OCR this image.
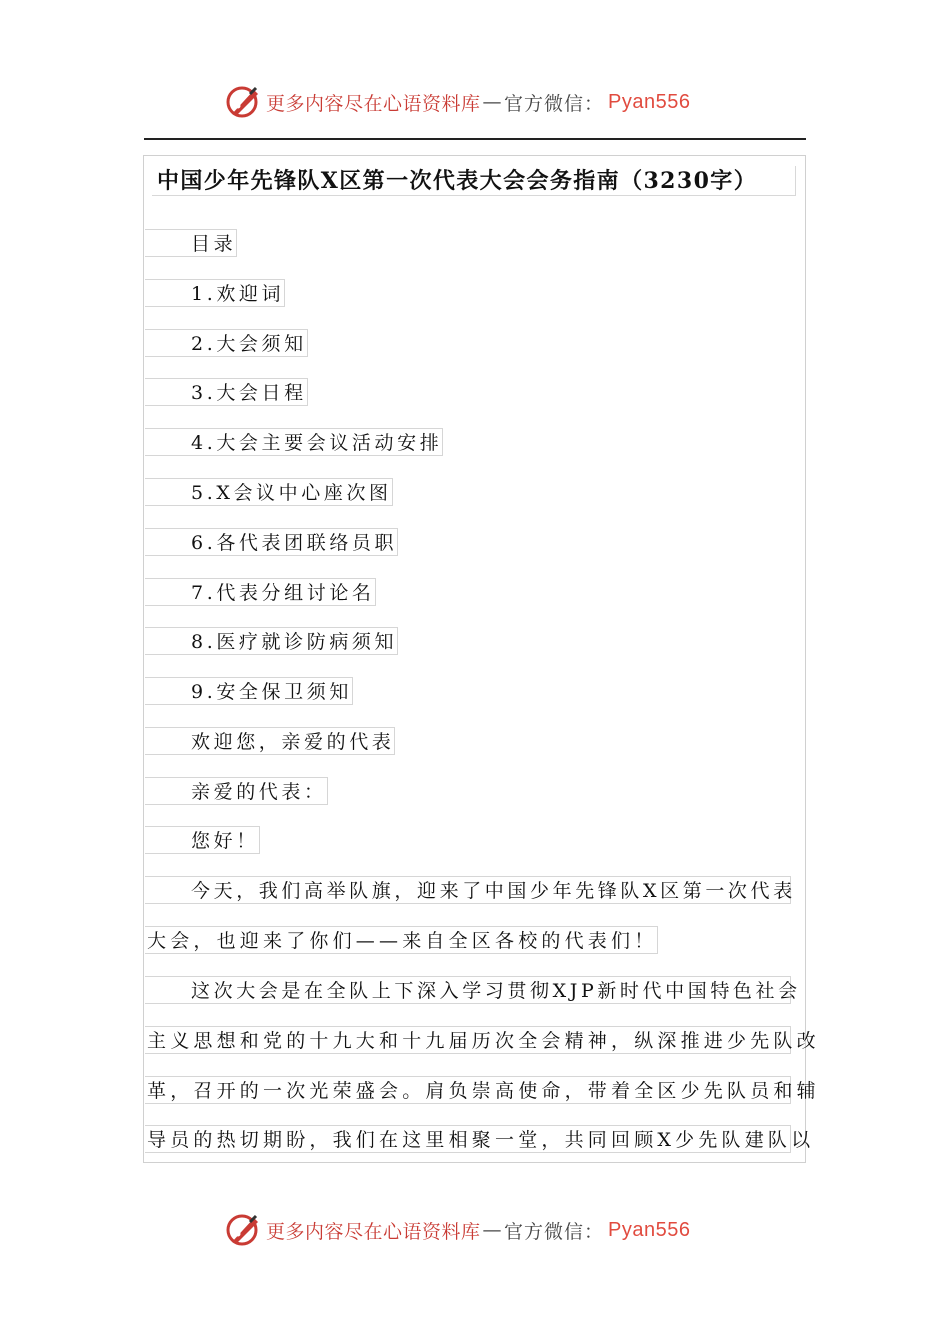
更多内容尽在心语资料库 — 官方微信： Pyan556
中国少年先锋队X区第一次代表大会会务指南（3230字）
目录
1.欢迎词
2.大会须知
3.大会日程
4.大会主要会议活动安排
5.X会议中心座次图
6.各代表团联络员职
7.代表分组讨论名
8.医疗就诊防病须知
9.安全保卫须知
欢迎您，亲爱的代表
亲爱的代表：
您好！
今天，我们高举队旗，迎来了中国少年先锋队X区第一次代表
大会，也迎来了你们——来自全区各校的代表们！
这次大会是在全队上下深入学习贯彻XJP新时代中国特色社会
主义思想和党的十九大和十九届历次全会精神，纵深推进少先队改
革，召开的一次光荣盛会。肩负崇高使命，带着全区少先队员和辅
导员的热切期盼，我们在这里相聚一堂，共同回顾X少先队建队以
更多内容尽在心语资料库 — 官方微信： Pyan556
